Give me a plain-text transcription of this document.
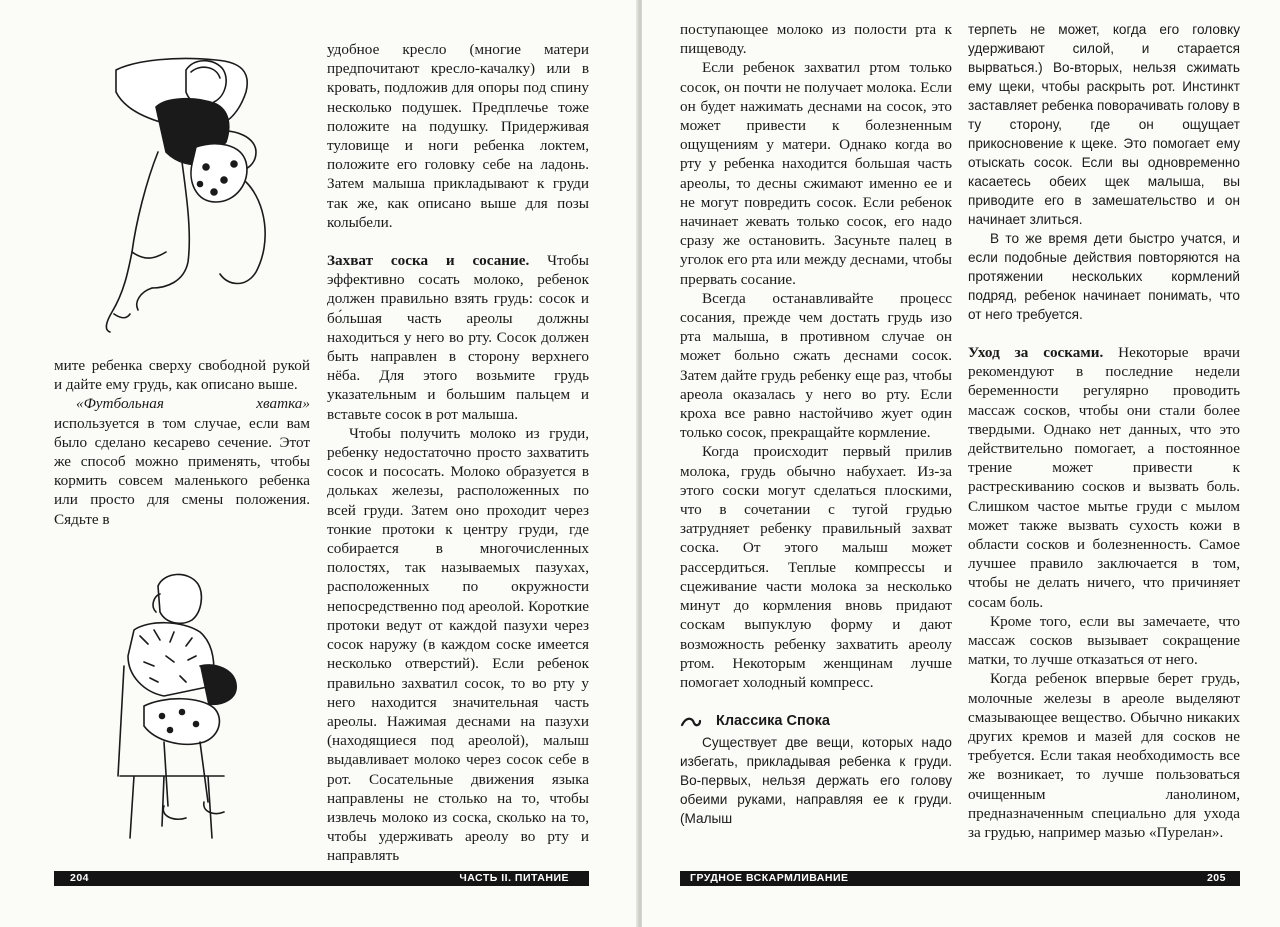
мите ребенка сверху свободной рукой и дайте ему грудь, как описано выше.

«Футбольная хватка» используется в том случае, если вам было сделано кесарево сечение. Этот же способ можно применять, чтобы кормить совсем маленького ребенка или просто для смены положения. Сядьте в

удобное кресло (многие матери предпочитают кресло-качалку) или в кровать, подложив для опоры под спину несколько подушек. Предплечье тоже положите на подушку. Придерживая туловище и ноги ребенка локтем, положите его головку себе на ладонь. Затем малыша прикладывают к груди так же, как описано выше для позы колыбели.

Захват соска и сосание. Чтобы эффективно сосать молоко, ребенок должен правильно взять грудь: сосок и бо́льшая часть ареолы должны находиться у него во рту. Сосок должен быть направлен в сторону верхнего нёба. Для этого возьмите грудь указательным и большим пальцем и вставьте сосок в рот малыша.

Чтобы получить молоко из груди, ребенку недостаточно просто захватить сосок и пососать. Молоко образуется в дольках железы, расположенных по всей груди. Затем оно проходит через тонкие протоки к центру груди, где собирается в многочисленных полостях, так называемых пазухах, расположенных по окружности непосредственно под ареолой. Короткие протоки ведут от каждой пазухи через сосок наружу (в каждом соске имеется несколько отверстий). Если ребенок правильно захватил сосок, то во рту у него находится значительная часть ареолы. Нажимая деснами на пазухи (находящиеся под ареолой), малыш выдавливает молоко через сосок себе в рот. Сосательные движения языка направлены не столько на то, чтобы извлечь молоко из соска, сколько на то, чтобы удерживать ареолу во рту и направлять

204	ЧАСТЬ II. ПИТАНИЕ

поступающее молоко из полости рта к пищеводу.

Если ребенок захватил ртом только сосок, он почти не получает молока. Если он будет нажимать деснами на сосок, это может привести к болезненным ощущениям у матери. Однако когда во рту у ребенка находится большая часть ареолы, то десны сжимают именно ее и не могут повредить сосок. Если ребенок начинает жевать только сосок, его надо сразу же остановить. Засуньте палец в уголок его рта или между деснами, чтобы прервать сосание.

Всегда останавливайте процесс сосания, прежде чем достать грудь изо рта малыша, в противном случае он может больно сжать деснами сосок. Затем дайте грудь ребенку еще раз, чтобы ареола оказалась у него во рту. Если кроха все равно настойчиво жует один только сосок, прекращайте кормление.

Когда происходит первый прилив молока, грудь обычно набухает. Из-за этого соски могут сделаться плоскими, что в сочетании с тугой грудью затрудняет ребенку правильный захват соска. От этого малыш может рассердиться. Теплые компрессы и сцеживание части молока за несколько минут до кормления вновь придают соскам выпуклую форму и дают возможность ребенку захватить ареолу ртом. Некоторым женщинам лучше помогает холодный компресс.

Классика Спока

Существует две вещи, которых надо избегать, прикладывая ребенка к груди. Во-первых, нельзя держать его голову обеими руками, направляя ее к груди. (Малыш

терпеть не может, когда его головку удерживают силой, и старается вырваться.) Во-вторых, нельзя сжимать ему щеки, чтобы раскрыть рот. Инстинкт заставляет ребенка поворачивать голову в ту сторону, где он ощущает прикосновение к щеке. Это помогает ему отыскать сосок. Если вы одновременно касаетесь обеих щек малыша, вы приводите его в замешательство и он начинает злиться.

В то же время дети быстро учатся, и если подобные действия повторяются на протяжении нескольких кормлений подряд, ребенок начинает понимать, что от него требуется.

Уход за сосками. Некоторые врачи рекомендуют в последние недели беременности регулярно проводить массаж сосков, чтобы они стали более твердыми. Однако нет данных, что это действительно помогает, а постоянное трение может привести к растрескиванию сосков и вызвать боль. Слишком частое мытье груди с мылом может также вызвать сухость кожи в области сосков и болезненность. Самое лучшее правило заключается в том, чтобы не делать ничего, что причиняет сосам боль.

Кроме того, если вы замечаете, что массаж сосков вызывает сокращение матки, то лучше отказаться от него.

Когда ребенок впервые берет грудь, молочные железы в ареоле выделяют смазывающее вещество. Обычно никаких других кремов и мазей для сосков не требуется. Если такая необходимость все же возникает, то лучше пользоваться очищенным ланолином, предназначенным специально для ухода за грудью, например мазью «Пурелан».

ГРУДНОЕ ВСКАРМЛИВАНИЕ	205
